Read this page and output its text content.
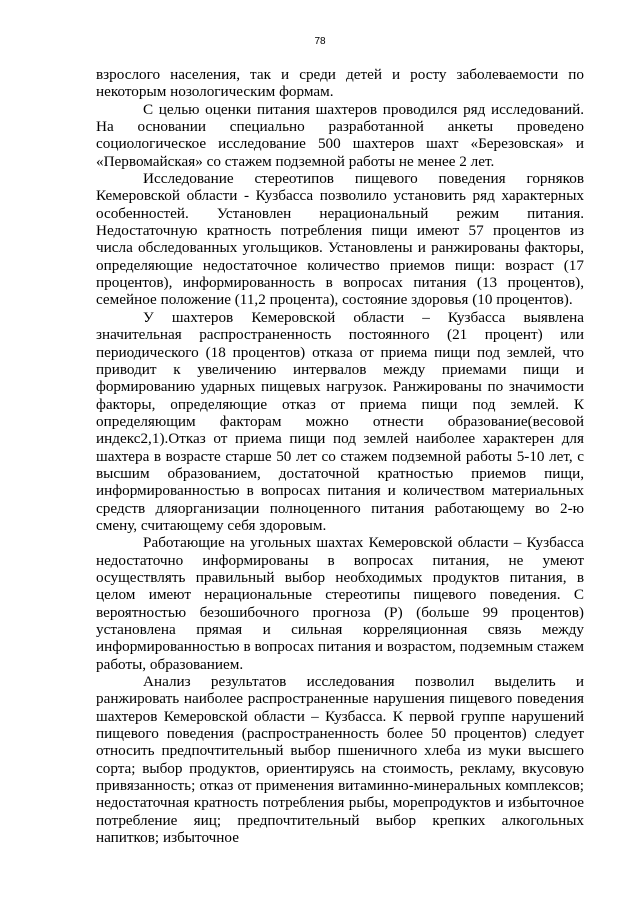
78

взрослого населения, так и среди детей и росту заболеваемости по некоторым нозологическим формам.

С целью оценки питания шахтеров проводился ряд исследований. На основании специально разработанной анкеты проведено социологическое исследование 500 шахтеров шахт «Березовская» и «Первомайская» со стажем подземной работы не менее 2 лет.

Исследование стереотипов пищевого поведения горняков Кемеровской области - Кузбасса позволило установить ряд характерных особенностей. Установлен нерациональный режим питания. Недостаточную кратность потребления пищи имеют 57 процентов из числа обследованных угольщиков. Установлены и ранжированы факторы, определяющие недостаточное количество приемов пищи: возраст (17 процентов), информированность в вопросах питания (13 процентов), семейное положение (11,2 процента), состояние здоровья (10 процентов).

У шахтеров Кемеровской области – Кузбасса выявлена значительная распространенность постоянного (21 процент) или периодического (18 процентов) отказа от приема пищи под землей, что приводит к увеличению интервалов между приемами пищи и формированию ударных пищевых нагрузок. Ранжированы по значимости факторы, определяющие отказ от приема пищи под землей. К определяющим факторам можно отнести образование(весовой индекс2,1).Отказ от приема пищи под землей наиболее характерен для шахтера в возрасте старше 50 лет со стажем подземной работы 5-10 лет, с высшим образованием, достаточной кратностью приемов пищи, информированностью в вопросах питания и количеством материальных средств дляорганизации полноценного питания работающему во 2-ю смену, считающему себя здоровым.

Работающие на угольных шахтах Кемеровской области – Кузбасса недостаточно информированы в вопросах питания, не умеют осуществлять правильный выбор необходимых продуктов питания, в целом имеют нерациональные стереотипы пищевого поведения. С вероятностью безошибочного прогноза (Р) (больше 99 процентов) установлена прямая и сильная корреляционная связь между информированностью в вопросах питания и возрастом, подземным стажем работы, образованием.

Анализ результатов исследования позволил выделить и ранжировать наиболее распространенные нарушения пищевого поведения шахтеров Кемеровской области – Кузбасса. К первой группе нарушений пищевого поведения (распространенность более 50 процентов) следует относить предпочтительный выбор пшеничного хлеба из муки высшего сорта; выбор продуктов, ориентируясь на стоимость, рекламу, вкусовую привязанность; отказ от применения витаминно-минеральных комплексов; недостаточная кратность потребления рыбы, морепродуктов и избыточное потребление яиц; предпочтительный выбор крепких алкогольных напитков; избыточное
